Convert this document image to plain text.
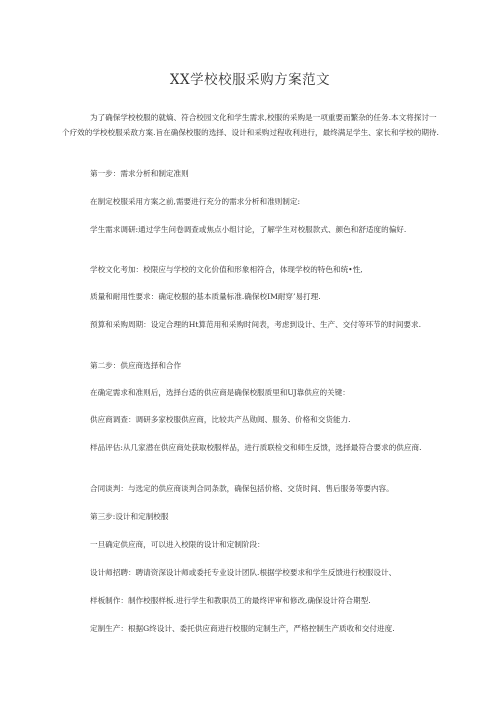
XX学校校服采购方案范文
为了确保学校校服的就熵、符合校园文化和学生需求,校服的采购是一项重要而繁杂的任务.本文将探讨一个疗效的学校校服采敌方案.旨在确保校服的选择、设计和采购过程收利进行，最终满足学生、家长和学校的期待.
第一步：需求分析和制定准则
在制定校服采用方案之前,需要进行充分的需求分析和准则制定:
学生需求调研:通过学生问卷调查或焦点小组讨论，了解学生对校服款式、颜色和舒适度的偏好.
学校文化考加：校限应与学校的文化价值和形象相符合，体现学校的特色和统•性,
质量和耐用性要求：确定校服的基本质量标准.确保校IM耐穿’易打理.
预算和采购周期：设定合理的Ht算范用和采购时间表，考虑到设计、生产、交付等环节的时间要求.
第二步：供应商选择和合作
在确定需求和准则后，选择台适的供应商是确保校服质里和UJ靠供应的关键：
供应商调查：调研多家校服供应商，比较共产丛勋闻、服务、价格和交货能力.
样品评估:从几家潜在供应商处获取校服样品，进行质联检交和师生反馈，选择最符合要求的供应商.
合同谈判：与选定的供应商谈判合同条款，确保包括价格、交货时间、售后服务等要内容。
第三步:设计和定制校服
一旦确定供应商，可以进入校限的设计和定制阶段：
设计师招聘：聘请资深设计师或委托专业设计团队.根据学校要求和学生反馈进行校服设计、
样板制作：制作校服样板.进行学生和教职员工的最终评审和修改,确保设计符合期型.
定制生产：根据G终设计、委托供应商进行校服的定制生产，严格控制生产质收和交付进度.
